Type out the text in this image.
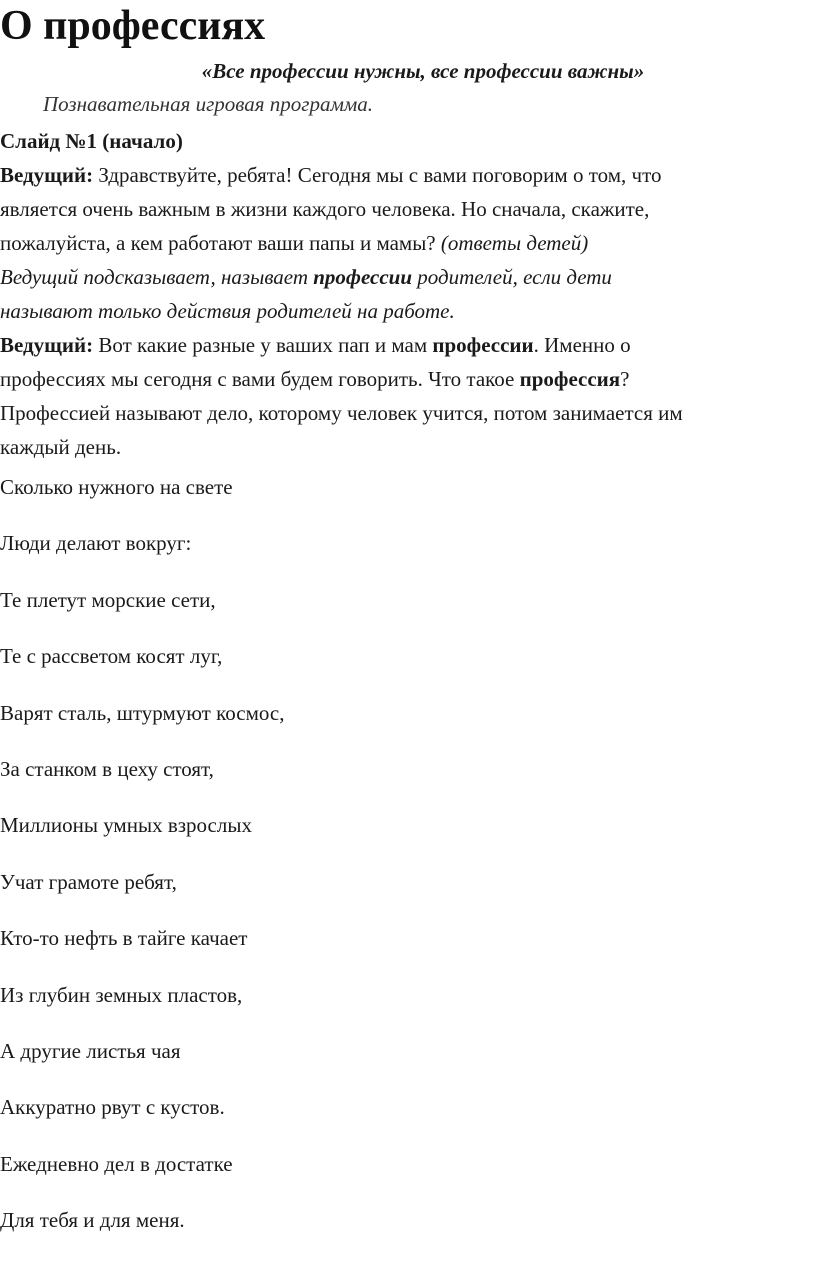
О профессиях
«Все профессии нужны, все профессии важны»
Познавательная игровая программа.

Слайд №1 (начало)

Ведущий: Здравствуйте, ребята! Сегодня мы с вами поговорим о том, что
является очень важным в жизни каждого человека. Но сначала, скажите,
пожалуйста, а кем работают ваши папы и мамы? (ответы детей)

Ведущий подсказывает, называет профессии родителей, если дети
называют только действия родителей на работе.

Ведущий: Вот какие разные у ваших пап и мам профессии. Именно о
профессиях мы сегодня с вами будем говорить. Что такое профессия?
Профессией называют дело, которому человек учится, потом занимается им
каждый день.

Сколько нужного на свете
Люди делают вокруг:
Те плетут морские сети,
Те с рассветом косят луг,
Варят сталь, штурмуют космос,
За станком в цеху стоят,
Миллионы умных взрослых
Учат грамоте ребят,
Кто-то нефть в тайге качает
Из глубин земных пластов,
А другие листья чая
Аккуратно рвут с кустов.
Ежедневно дел в достатке
Для тебя и для меня.
